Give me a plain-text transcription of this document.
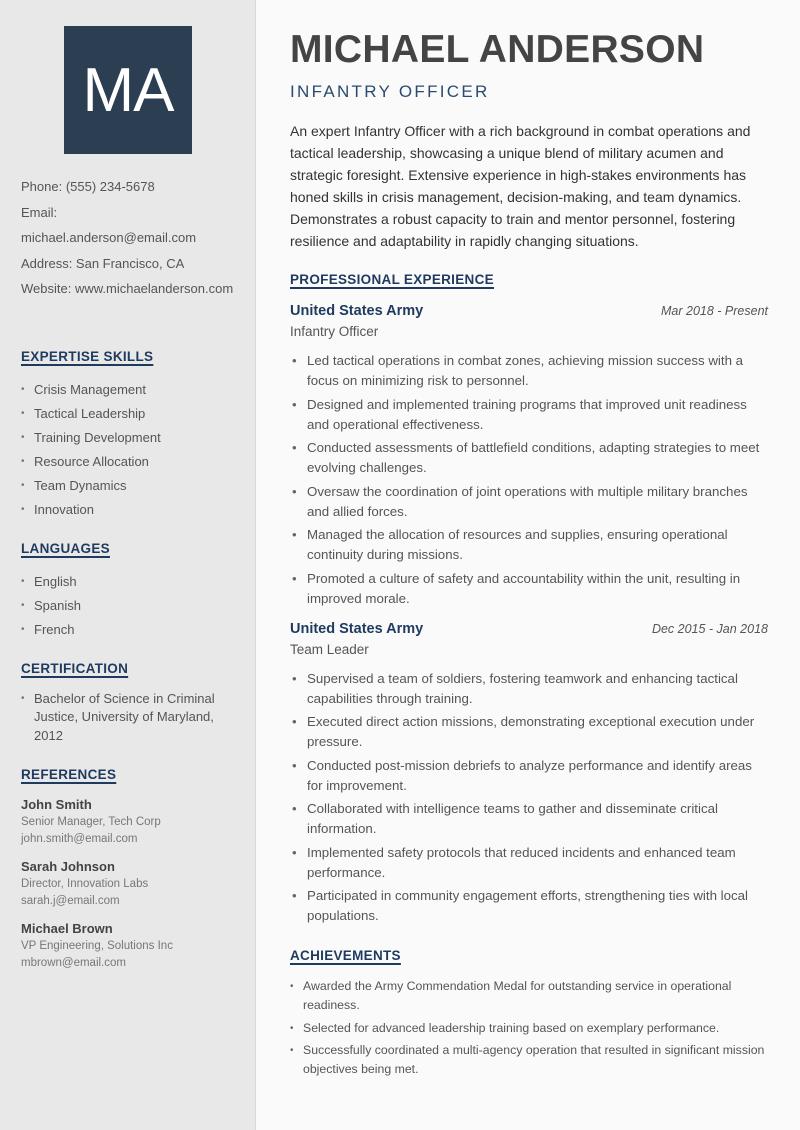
MA
Phone: (555) 234-5678
Email: michael.anderson@email.com
Address: San Francisco, CA
Website: www.michaelanderson.com
EXPERTISE SKILLS
• Crisis Management
• Tactical Leadership
• Training Development
• Resource Allocation
• Team Dynamics
• Innovation
LANGUAGES
• English
• Spanish
• French
CERTIFICATION
• Bachelor of Science in Criminal Justice, University of Maryland, 2012
REFERENCES
John Smith
Senior Manager, Tech Corp
john.smith@email.com
Sarah Johnson
Director, Innovation Labs
sarah.j@email.com
Michael Brown
VP Engineering, Solutions Inc
mbrown@email.com
MICHAEL ANDERSON
INFANTRY OFFICER

An expert Infantry Officer with a rich background in combat operations and tactical leadership, showcasing a unique blend of military acumen and strategic foresight. Extensive experience in high-stakes environments has honed skills in crisis management, decision-making, and team dynamics. Demonstrates a robust capacity to train and mentor personnel, fostering resilience and adaptability in rapidly changing situations.

PROFESSIONAL EXPERIENCE
United States Army	Mar 2018 - Present
Infantry Officer
• Led tactical operations in combat zones, achieving mission success with a focus on minimizing risk to personnel.
• Designed and implemented training programs that improved unit readiness and operational effectiveness.
• Conducted assessments of battlefield conditions, adapting strategies to meet evolving challenges.
• Oversaw the coordination of joint operations with multiple military branches and allied forces.
• Managed the allocation of resources and supplies, ensuring operational continuity during missions.
• Promoted a culture of safety and accountability within the unit, resulting in improved morale.
United States Army	Dec 2015 - Jan 2018
Team Leader
• Supervised a team of soldiers, fostering teamwork and enhancing tactical capabilities through training.
• Executed direct action missions, demonstrating exceptional execution under pressure.
• Conducted post-mission debriefs to analyze performance and identify areas for improvement.
• Collaborated with intelligence teams to gather and disseminate critical information.
• Implemented safety protocols that reduced incidents and enhanced team performance.
• Participated in community engagement efforts, strengthening ties with local populations.
ACHIEVEMENTS
• Awarded the Army Commendation Medal for outstanding service in operational readiness.
• Selected for advanced leadership training based on exemplary performance.
• Successfully coordinated a multi-agency operation that resulted in significant mission objectives being met.
